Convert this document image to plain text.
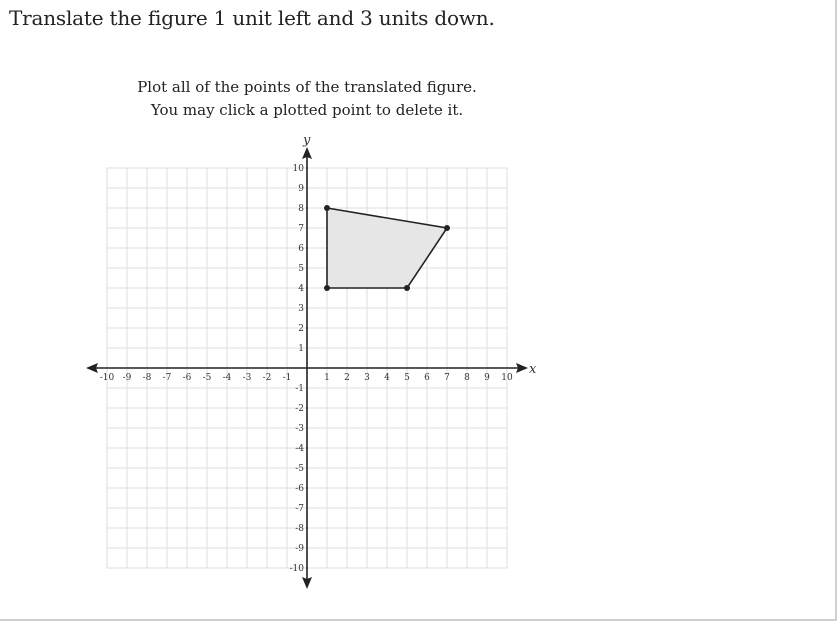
Translate the figure 1 unit left and 3 units down.
Plot all of the points of the translated figure.
You may click a plotted point to delete it.
x
y
-10 -9 -8 -7 -6 -5 -4 -3 -2 -1	1 2 3 4 5 6 7 8 9 10
-10
-9
-8
-7
-6
-5
-4
-3
-2
-1
1
2
3
4
5
6
7
8
9
10
